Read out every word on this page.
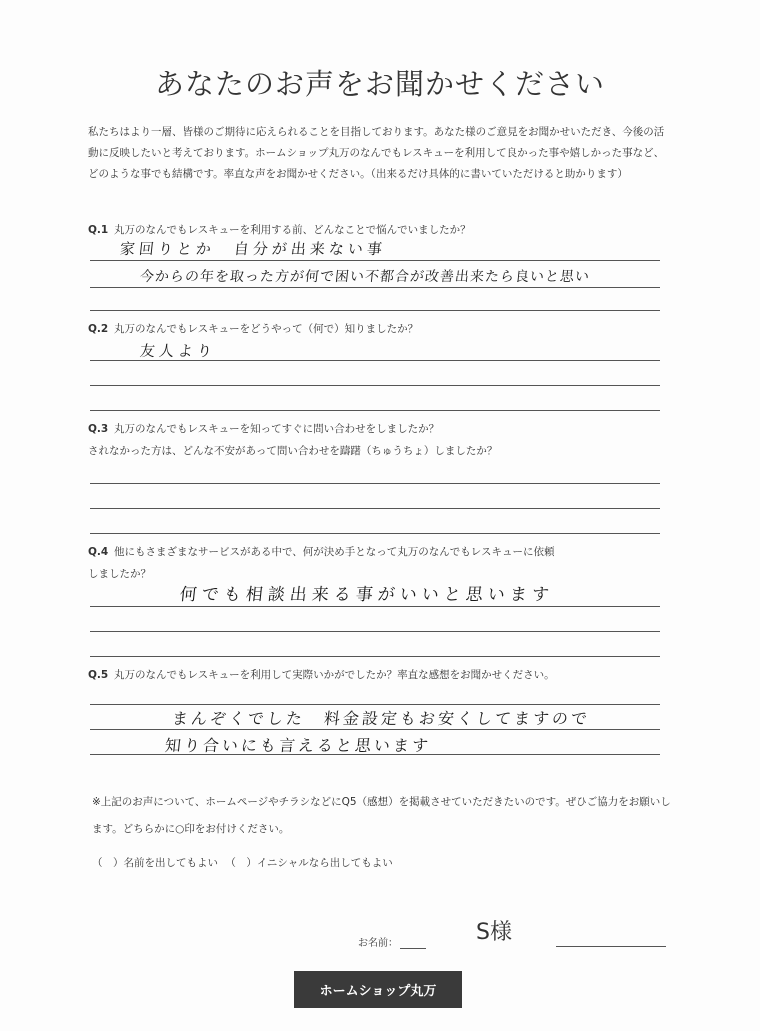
あなたのお声をお聞かせください
私たちはより一層、皆様のご期待に応えられることを目指しております。あなた様のご意見をお聞かせいただき、今後の活動に反映したいと考えております。ホームショップ丸万のなんでもレスキューを利用して良かった事や嬉しかった事など、どのような事でも結構です。率直な声をお聞かせください。（出来るだけ具体的に書いていただけると助かります）
Q.1 丸万のなんでもレスキューを利用する前、どんなことで悩んでいましたか？
家回りとか　自分が出来ない事
今からの年を取った方が何で困い不都合が改善出来たら良いと思い
Q.2 丸万のなんでもレスキューをどうやって（何で）知りましたか？
友人より
Q.3 丸万のなんでもレスキューを知ってすぐに問い合わせをしましたか？
されなかった方は、どんな不安があって問い合わせを躊躇（ちゅうちょ）しましたか？
Q.4 他にもさまざまなサービスがある中で、何が決め手となって丸万のなんでもレスキューに依頼
しましたか？
何でも相談出来る事がいいと思います
Q.5 丸万のなんでもレスキューを利用して実際いかがでしたか？率直な感想をお聞かせください。
まんぞくでした　料金設定もお安くしてますので
知り合いにも言えると思います
※上記のお声について、ホームページやチラシなどにQ5（感想）を掲載させていただきたいのです。ぜひご協力をお願いします。どちらかに○印をお付けください。
（　）名前を出してもよい （　）イニシャルなら出してもよい
お名前：	S様
ホームショップ丸万
